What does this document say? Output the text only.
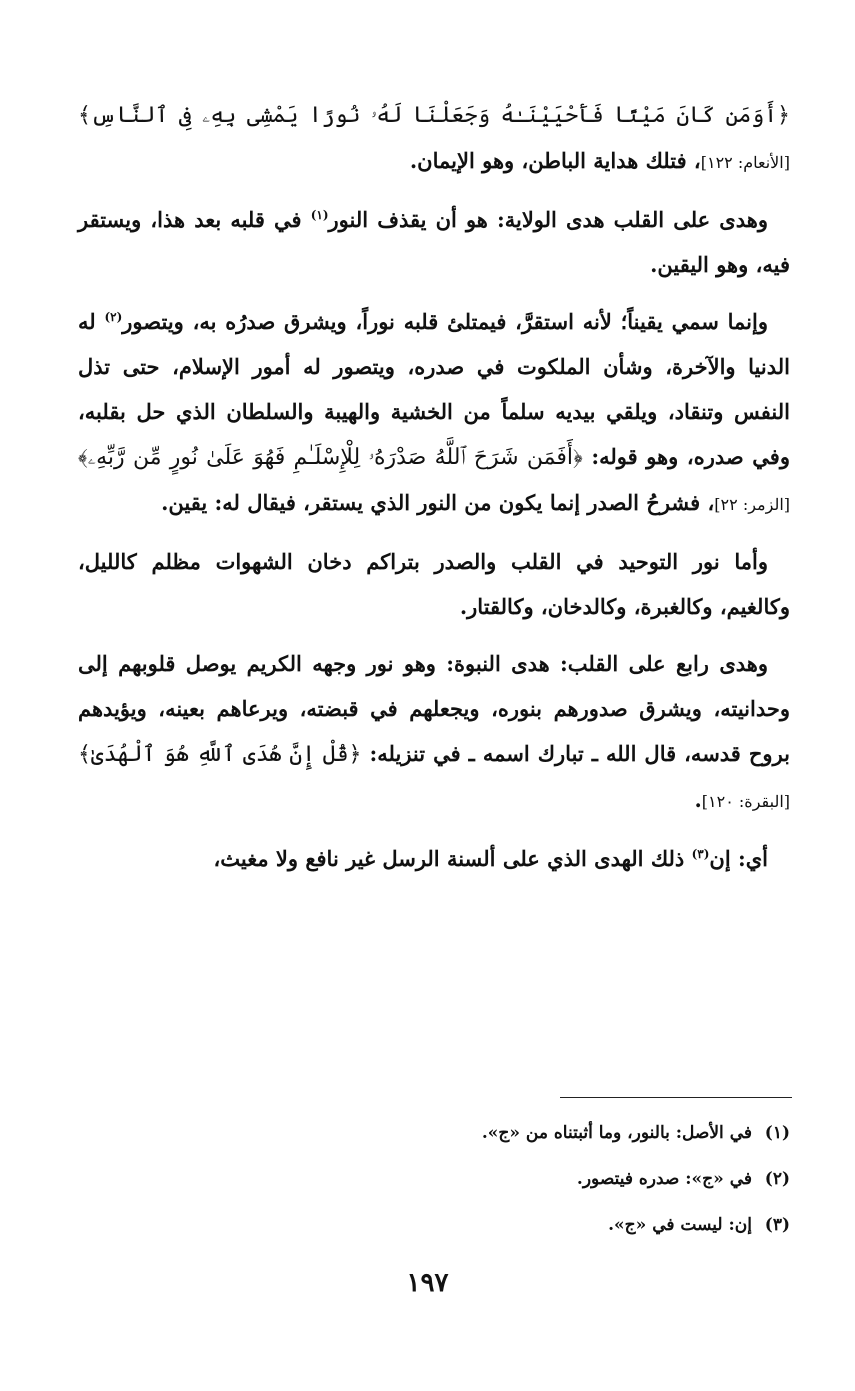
﴿أَوَمَن كَانَ مَيْتًا فَأَحْيَيْنَـٰهُ وَجَعَلْنَا لَهُۥ نُورًا يَمْشِى بِهِۦ فِى ٱلنَّاسِ﴾[الأنعام: ١٢٢]، فتلك هداية الباطن، وهو الإيمان.

وهدى على القلب هدى الولاية: هو أن يقذف النور$^{(١)}$ في قلبه بعد هذا، ويستقر فيه، وهو اليقين.

وإنما سمي يقيناً؛ لأنه استقرَّ، فيمتلئ قلبه نوراً، ويشرق صدرُه به، ويتصور$^{(٢)}$ له الدنيا والآخرة، وشأن الملكوت في صدره، ويتصور له أمور الإسلام، حتى تذل النفس وتنقاد، ويلقي بيديه سلماً من الخشية والهيبة والسلطان الذي حل بقلبه، وفي صدره، وهو قوله: ﴿أَفَمَن شَرَحَ ٱللَّهُ صَدْرَهُۥ لِلْإِسْلَـٰمِ فَهُوَ عَلَىٰ نُورٍ مِّن رَّبِّهِۦ﴾[الزمر: ٢٢]، فشرحُ الصدر إنما يكون من النور الذي يستقر، فيقال له: يقين.

وأما نور التوحيد في القلب والصدر بتراكم دخان الشهوات مظلم كالليل، وكالغيم، وكالغبرة، وكالدخان، وكالقتار.

وهدى رابع على القلب: هدى النبوة: وهو نور وجهه الكريم يوصل قلوبهم إلى وحدانيته، ويشرق صدورهم بنوره، ويجعلهم في قبضته، ويرعاهم بعينه، ويؤيدهم بروح قدسه، قال الله ـ تبارك اسمه ـ في تنزيله: ﴿قُلْ إِنَّ هُدَى ٱللَّهِ هُوَ ٱلْهُدَىٰ﴾[البقرة: ١٢٠].

أي: إن$^{(٣)}$ ذلك الهدى الذي على ألسنة الرسل غير نافع ولا مغيث،

(١)في الأصل: بالنور، وما أثبتناه من «ج».

(٢)في «ج»: صدره فيتصور.

(٣)إن: ليست في «ج».

١٩٧
